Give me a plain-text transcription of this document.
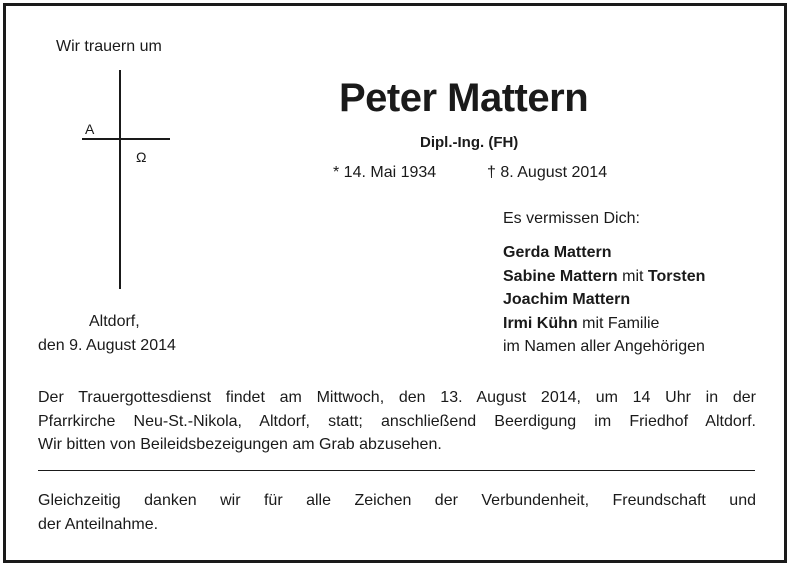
Wir trauern um
A
Ω
Altdorf,
den 9. August 2014
Peter Mattern
Dipl.-Ing. (FH)
* 14. Mai 1934	† 8. August 2014
Es vermissen Dich:
Gerda Mattern
Sabine Mattern mit Torsten
Joachim Mattern
Irmi Kühn mit Familie
im Namen aller Angehörigen
Der Trauergottesdienst findet am Mittwoch, den 13. August 2014, um 14 Uhr in der
Pfarrkirche Neu-St.-Nikola, Altdorf, statt; anschließend Beerdigung im Friedhof Altdorf.
Wir bitten von Beileidsbezeigungen am Grab abzusehen.
Gleichzeitig danken wir für alle Zeichen der Verbundenheit, Freundschaft und
der Anteilnahme.
